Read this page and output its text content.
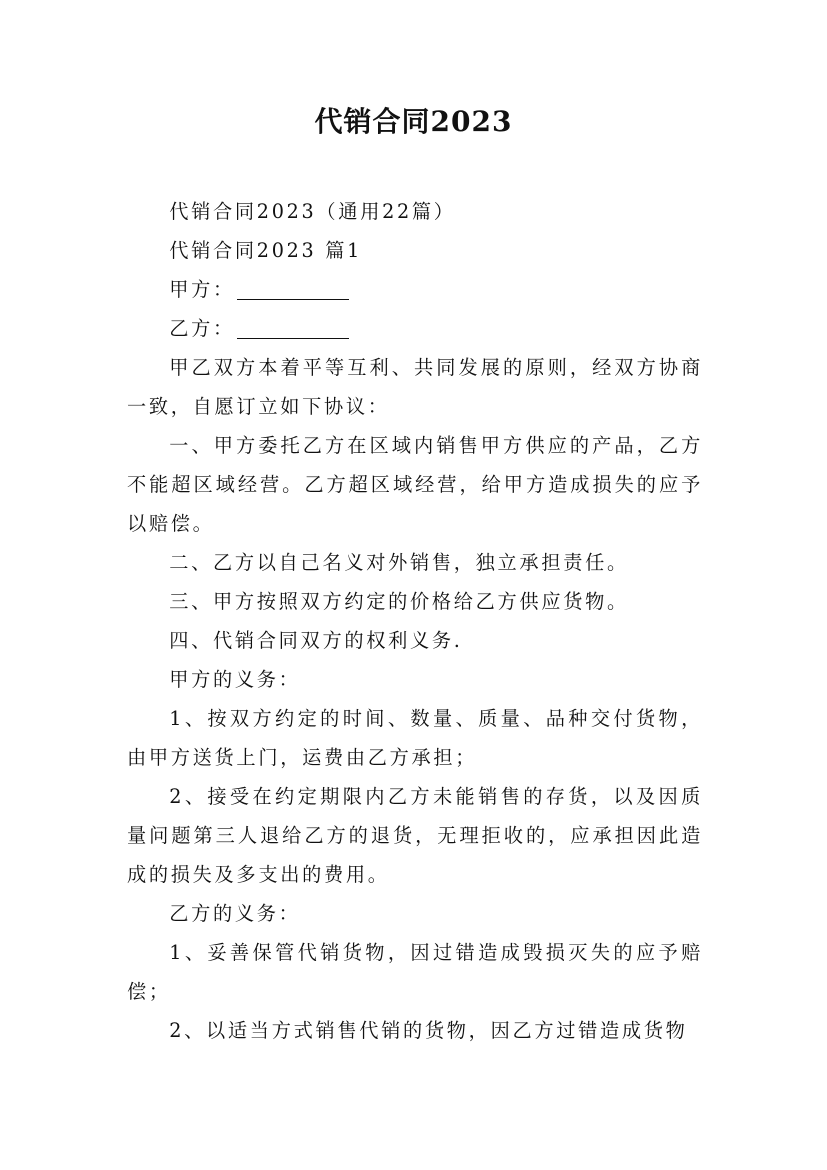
代销合同2023

代销合同2023（通用22篇）

代销合同2023 篇1

甲方：

乙方：

甲乙双方本着平等互利、共同发展的原则，经双方协商一致，自愿订立如下协议：

一、甲方委托乙方在区域内销售甲方供应的产品，乙方不能超区域经营。乙方超区域经营，给甲方造成损失的应予以赔偿。

二、乙方以自己名义对外销售，独立承担责任。

三、甲方按照双方约定的价格给乙方供应货物。

四、代销合同双方的权利义务.

甲方的义务：

1、按双方约定的时间、数量、质量、品种交付货物，由甲方送货上门，运费由乙方承担；

2、接受在约定期限内乙方未能销售的存货，以及因质量问题第三人退给乙方的退货，无理拒收的，应承担因此造成的损失及多支出的费用。

乙方的义务：

1、妥善保管代销货物，因过错造成毁损灭失的应予赔偿；

2、以适当方式销售代销的货物，因乙方过错造成货物
